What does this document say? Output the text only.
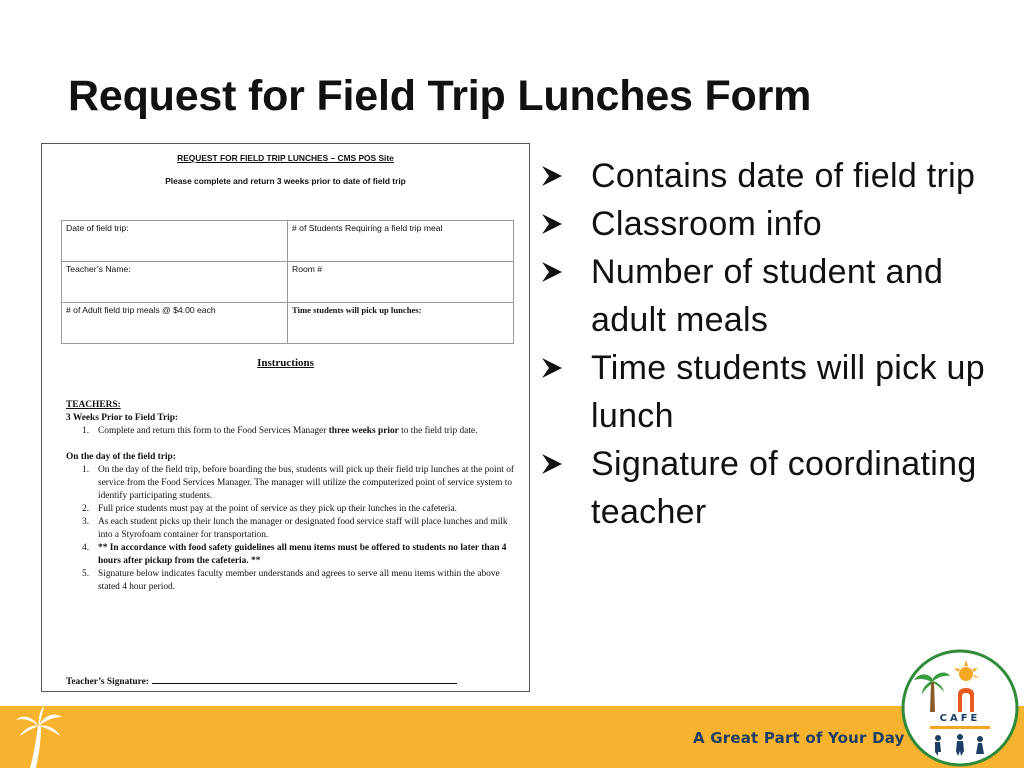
Request for Field Trip Lunches Form
REQUEST FOR FIELD TRIP LUNCHES – CMS POS Site
Please complete and return 3 weeks prior to date of field trip
Date of field trip:	# of Students Requiring a field trip meal
Teacher’s Name:	Room #
# of Adult field trip meals @ $4.00 each	Time students will pick up lunches:
Instructions
TEACHERS:
3 Weeks Prior to Field Trip:
1. Complete and return this form to the Food Services Manager three weeks prior to the field trip date.
On the day of the field trip:
1. On the day of the field trip, before boarding the bus, students will pick up their field trip lunches at the point of service from the Food Services Manager. The manager will utilize the computerized point of service system to identify participating students.
2. Full price students must pay at the point of service as they pick up their lunches in the cafeteria.
3. As each student picks up their lunch the manager or designated food service staff will place lunches and milk into a Styrofoam container for transportation.
4. ** In accordance with food safety guidelines all menu items must be offered to students no later than 4 hours after pickup from the cafeteria. **
5. Signature below indicates faculty member understands and agrees to serve all menu items within the above stated 4 hour period.
Teacher’s Signature:
Contains date of field trip
Classroom info
Number of student and adult meals
Time students will pick up lunch
Signature of coordinating teacher
A Great Part of Your Day
CAFE
